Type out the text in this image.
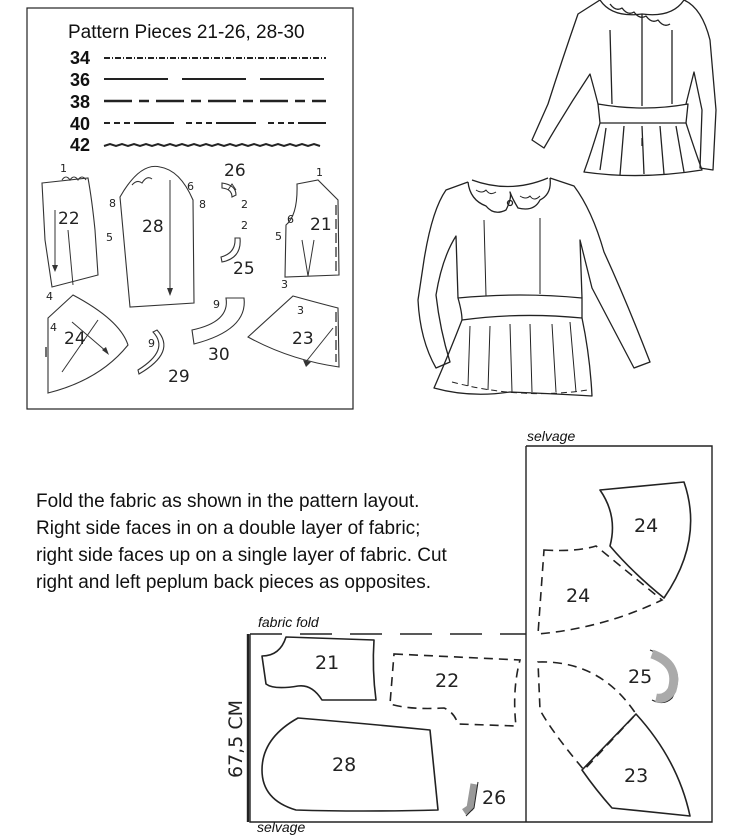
Pattern Pieces 21-26, 28-30
34
36
38
40
42
22
1
5
28
8
6
8
26
2
2
25
21
1
6
5
3
24
4
4
29
9
30
9
23
3
selvage
selvage
fabric fold
67,5 CM
24
24
25
23
21
22
28
26
Fold the fabric as shown in the pattern layout.
Right side faces in on a double layer of fabric;
right side faces up on a single layer of fabric. Cut
right and left peplum back pieces as opposites.
